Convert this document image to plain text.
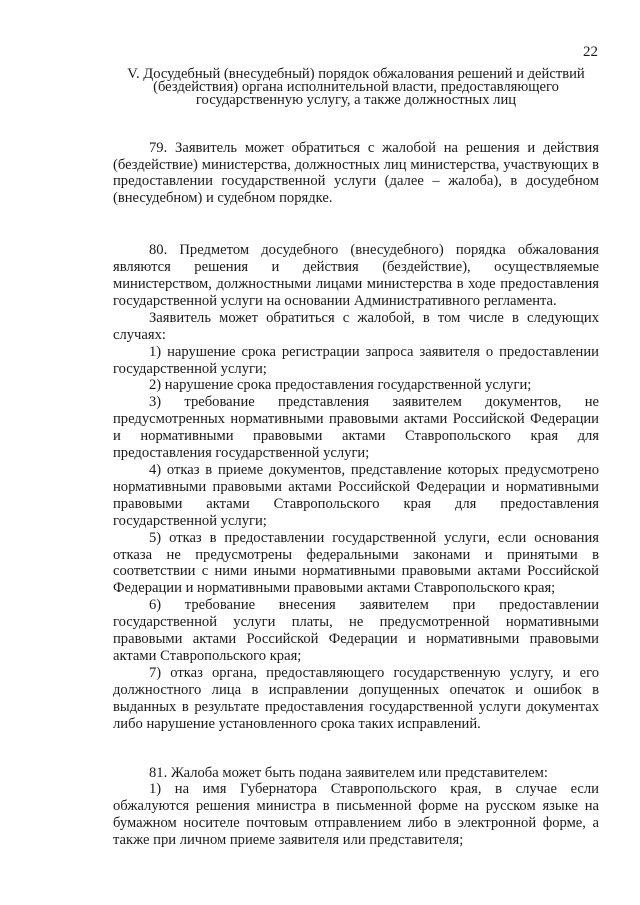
22
V. Досудебный (внесудебный) порядок обжалования решений и действий (бездействия) органа исполнительной власти, предоставляющего государственную услугу, а также должностных лиц

79. Заявитель может обратиться с жалобой на решения и действия (бездействие) министерства, должностных лиц министерства, участвующих в предоставлении государственной услуги (далее – жалоба), в досудебном (внесудебном) и судебном порядке.

80. Предметом досудебного (внесудебного) порядка обжалования являются решения и действия (бездействие), осуществляемые министерством, должностными лицами министерства в ходе предоставления государственной услуги на основании Административного регламента.

Заявитель может обратиться с жалобой, в том числе в следующих случаях:

1) нарушение срока регистрации запроса заявителя о предоставлении государственной услуги;

2) нарушение срока предоставления государственной услуги;

3) требование представления заявителем документов, не предусмотренных нормативными правовыми актами Российской Федерации и нормативными правовыми актами Ставропольского края для предоставления государственной услуги;

4) отказ в приеме документов, представление которых предусмотрено нормативными правовыми актами Российской Федерации и нормативными правовыми актами Ставропольского края для предоставления государственной услуги;

5) отказ в предоставлении государственной услуги, если основания отказа не предусмотрены федеральными законами и принятыми в соответствии с ними иными нормативными правовыми актами Российской Федерации и нормативными правовыми актами Ставропольского края;

6) требование внесения заявителем при предоставлении государственной услуги платы, не предусмотренной нормативными правовыми актами Российской Федерации и нормативными правовыми актами Ставропольского края;

7) отказ органа, предоставляющего государственную услугу, и его должностного лица в исправлении допущенных опечаток и ошибок в выданных в результате предоставления государственной услуги документах либо нарушение установленного срока таких исправлений.

81. Жалоба может быть подана заявителем или представителем:

1) на имя Губернатора Ставропольского края, в случае если обжалуются решения министра в письменной форме на русском языке на бумажном носителе почтовым отправлением либо в электронной форме, а также при личном приеме заявителя или представителя;
